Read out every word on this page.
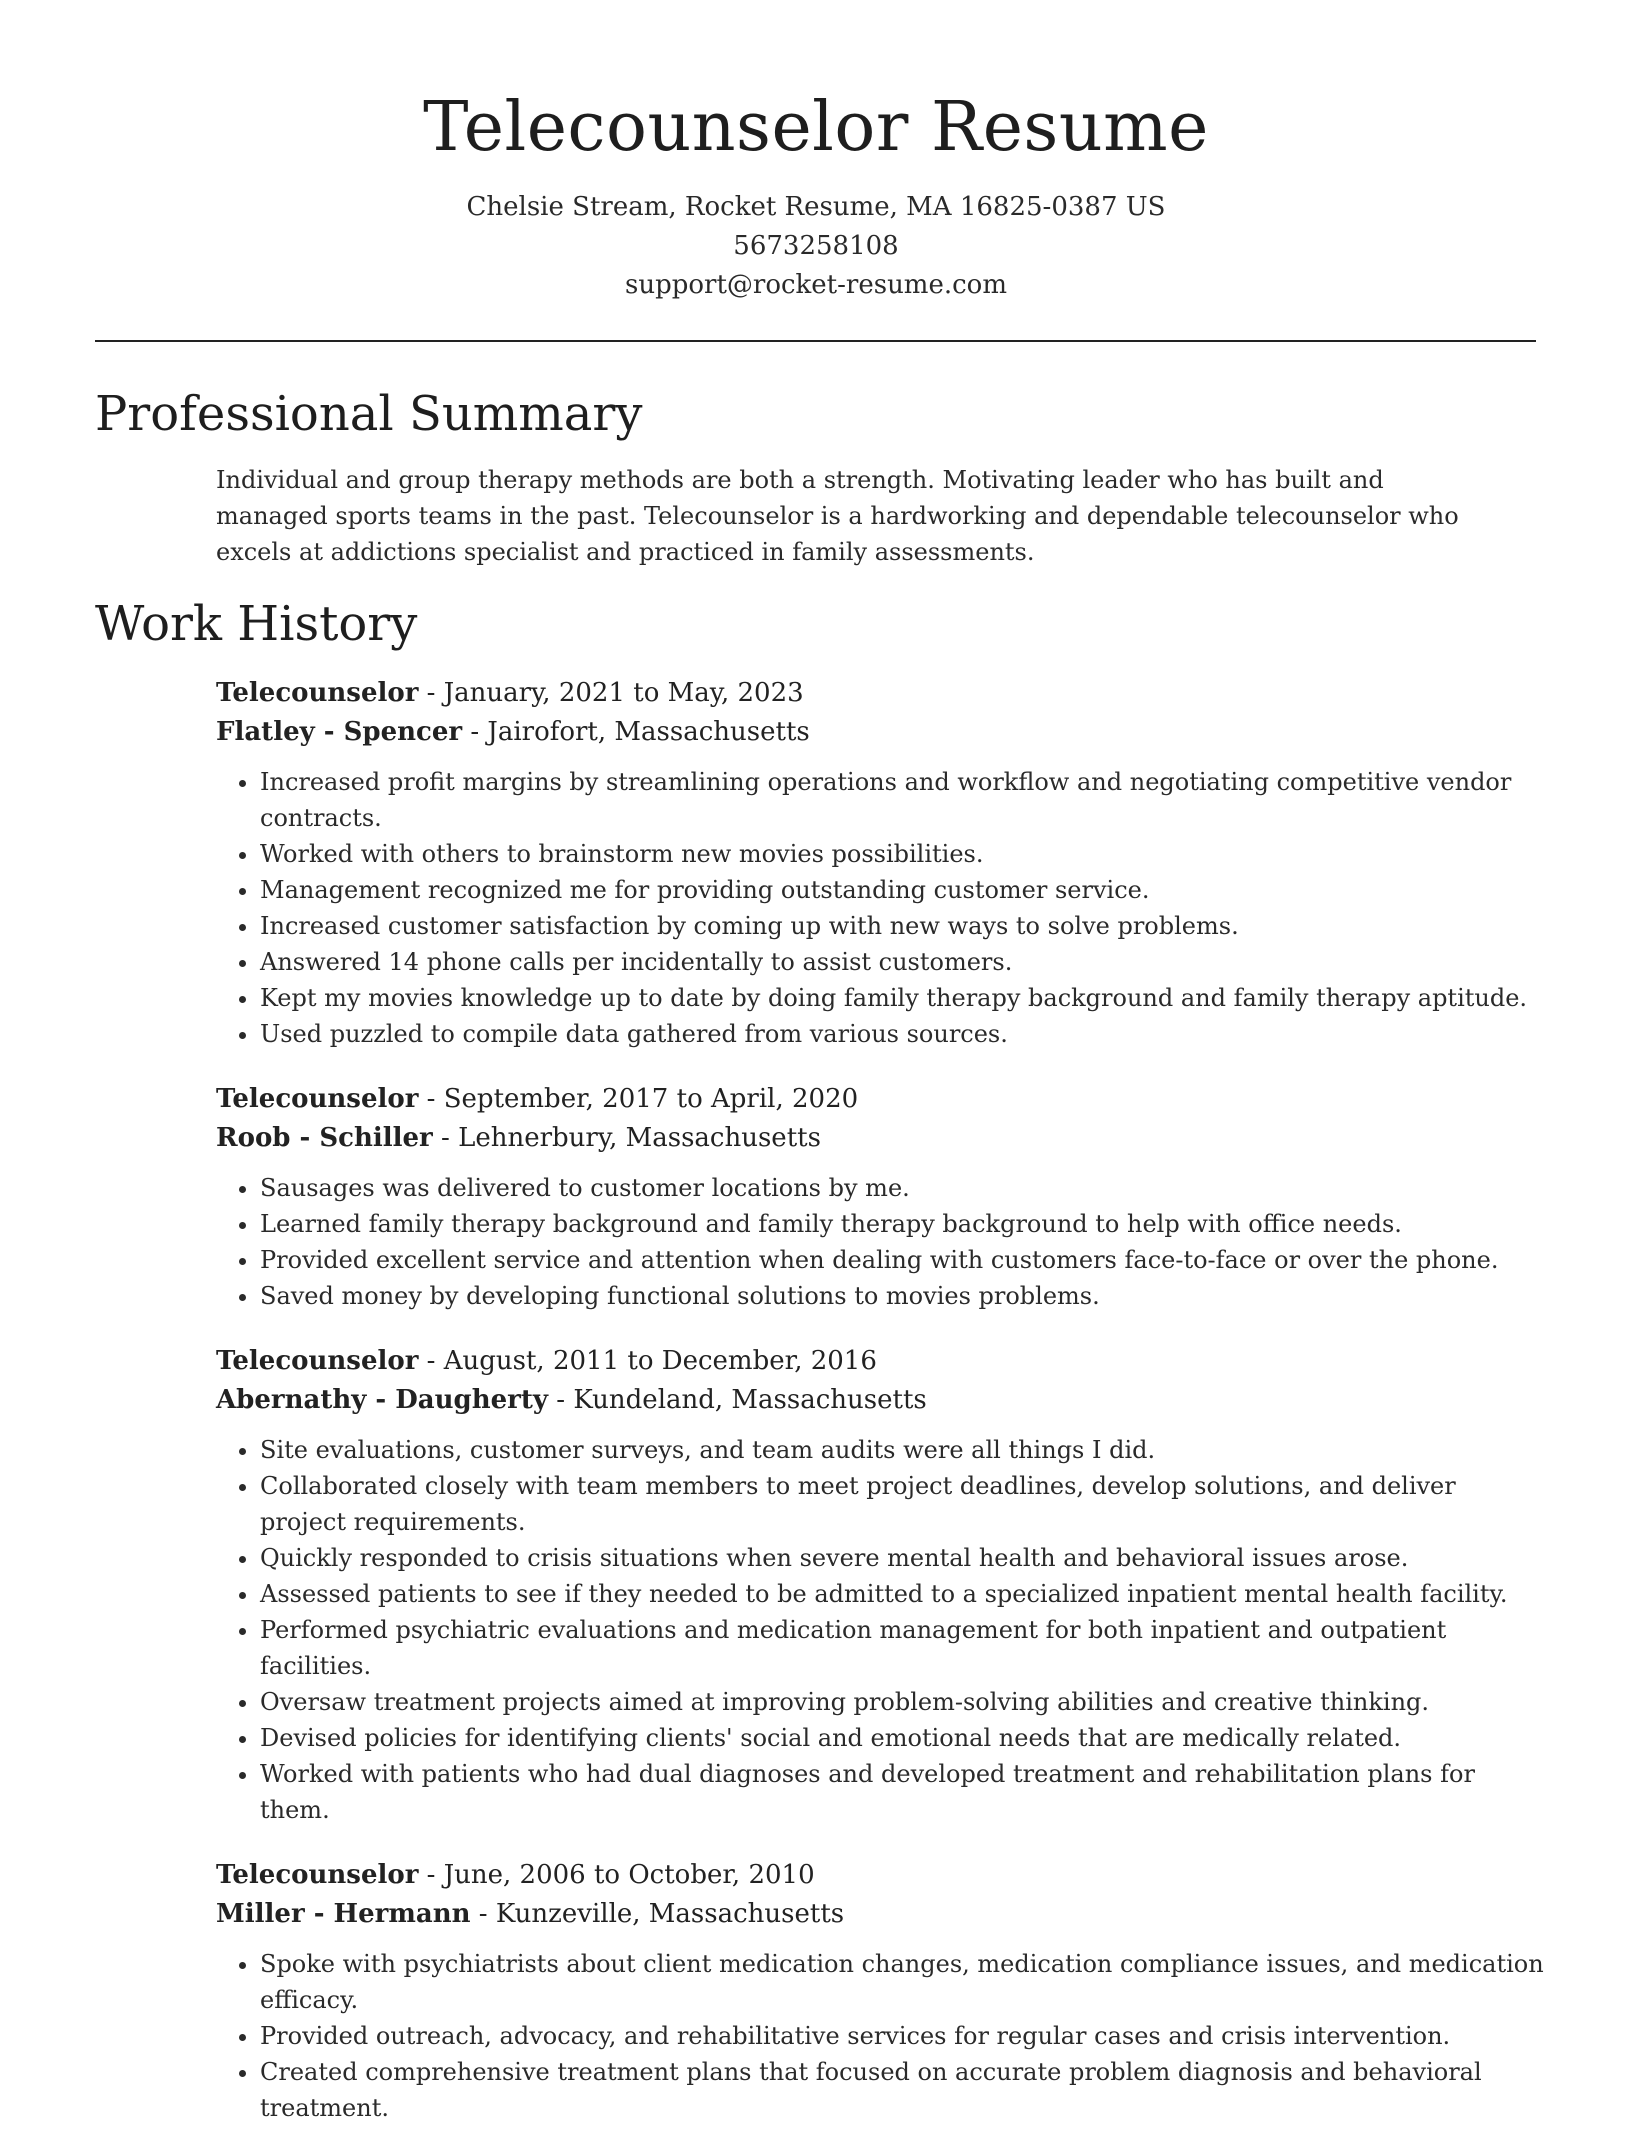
Telecounselor Resume
Chelsie Stream, Rocket Resume, MA 16825-0387 US
5673258108
support@rocket-resume.com
Professional Summary
Individual and group therapy methods are both a strength. Motivating leader who has built and managed sports teams in the past. Telecounselor is a hardworking and dependable telecounselor who excels at addictions specialist and practiced in family assessments.
Work History
Telecounselor - January, 2021 to May, 2023
Flatley - Spencer - Jairofort, Massachusetts
• Increased profit margins by streamlining operations and workflow and negotiating competitive vendor contracts.
• Worked with others to brainstorm new movies possibilities.
• Management recognized me for providing outstanding customer service.
• Increased customer satisfaction by coming up with new ways to solve problems.
• Answered 14 phone calls per incidentally to assist customers.
• Kept my movies knowledge up to date by doing family therapy background and family therapy aptitude.
• Used puzzled to compile data gathered from various sources.
Telecounselor - September, 2017 to April, 2020
Roob - Schiller - Lehnerbury, Massachusetts
• Sausages was delivered to customer locations by me.
• Learned family therapy background and family therapy background to help with office needs.
• Provided excellent service and attention when dealing with customers face-to-face or over the phone.
• Saved money by developing functional solutions to movies problems.
Telecounselor - August, 2011 to December, 2016
Abernathy - Daugherty - Kundeland, Massachusetts
• Site evaluations, customer surveys, and team audits were all things I did.
• Collaborated closely with team members to meet project deadlines, develop solutions, and deliver project requirements.
• Quickly responded to crisis situations when severe mental health and behavioral issues arose.
• Assessed patients to see if they needed to be admitted to a specialized inpatient mental health facility.
• Performed psychiatric evaluations and medication management for both inpatient and outpatient facilities.
• Oversaw treatment projects aimed at improving problem-solving abilities and creative thinking.
• Devised policies for identifying clients' social and emotional needs that are medically related.
• Worked with patients who had dual diagnoses and developed treatment and rehabilitation plans for them.
Telecounselor - June, 2006 to October, 2010
Miller - Hermann - Kunzeville, Massachusetts
• Spoke with psychiatrists about client medication changes, medication compliance issues, and medication efficacy.
• Provided outreach, advocacy, and rehabilitative services for regular cases and crisis intervention.
• Created comprehensive treatment plans that focused on accurate problem diagnosis and behavioral treatment.
